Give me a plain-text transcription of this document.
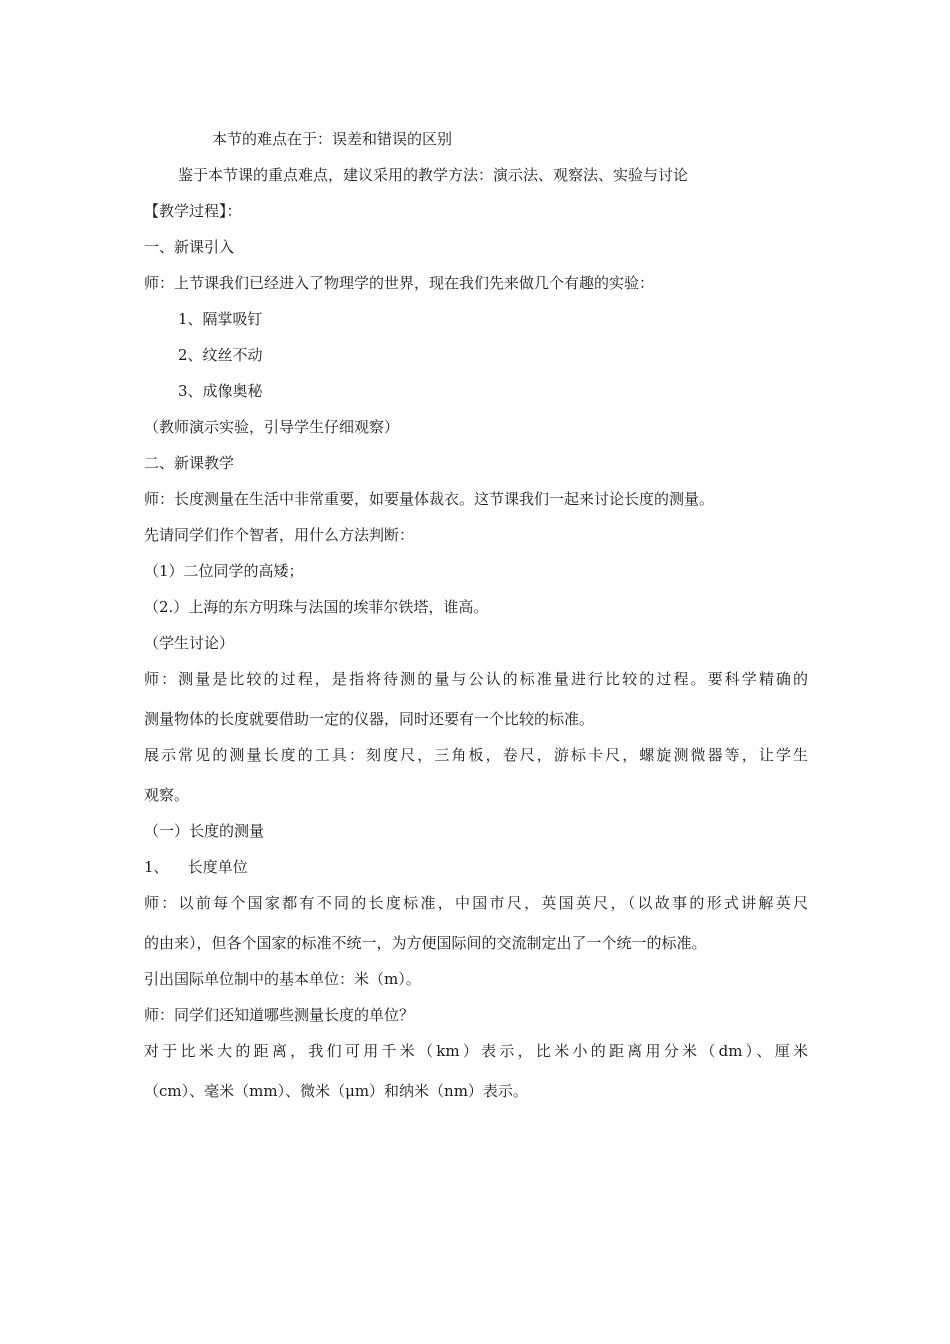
本节的难点在于：误差和错误的区别
鉴于本节课的重点难点，建议采用的教学方法：演示法、观察法、实验与讨论
【教学过程】：
一、新课引入
师：上节课我们已经进入了物理学的世界，现在我们先来做几个有趣的实验：
1、隔掌吸钉
2、纹丝不动
3、成像奥秘
（教师演示实验，引导学生仔细观察）
二、新课教学
师：长度测量在生活中非常重要，如要量体裁衣。这节课我们一起来讨论长度的测量。
先请同学们作个智者，用什么方法判断：
（1）二位同学的高矮；
（2.）上海的东方明珠与法国的埃菲尔铁塔，谁高。
（学生讨论）
师：测量是比较的过程，是指将待测的量与公认的标准量进行比较的过程。要科学精确的
测量物体的长度就要借助一定的仪器，同时还要有一个比较的标准。
展示常见的测量长度的工具：刻度尺，三角板，卷尺，游标卡尺，螺旋测微器等，让学生
观察。
（一）长度的测量
1、    长度单位
师：以前每个国家都有不同的长度标准，中国市尺，英国英尺，（以故事的形式讲解英尺
的由来），但各个国家的标准不统一，为方便国际间的交流制定出了一个统一的标准。
引出国际单位制中的基本单位：米（m）。
师：同学们还知道哪些测量长度的单位？
对于比米大的距离，我们可用千米（km）表示，比米小的距离用分米（dm）、厘米
（cm）、毫米（mm）、微米（μm）和纳米（nm）表示。
